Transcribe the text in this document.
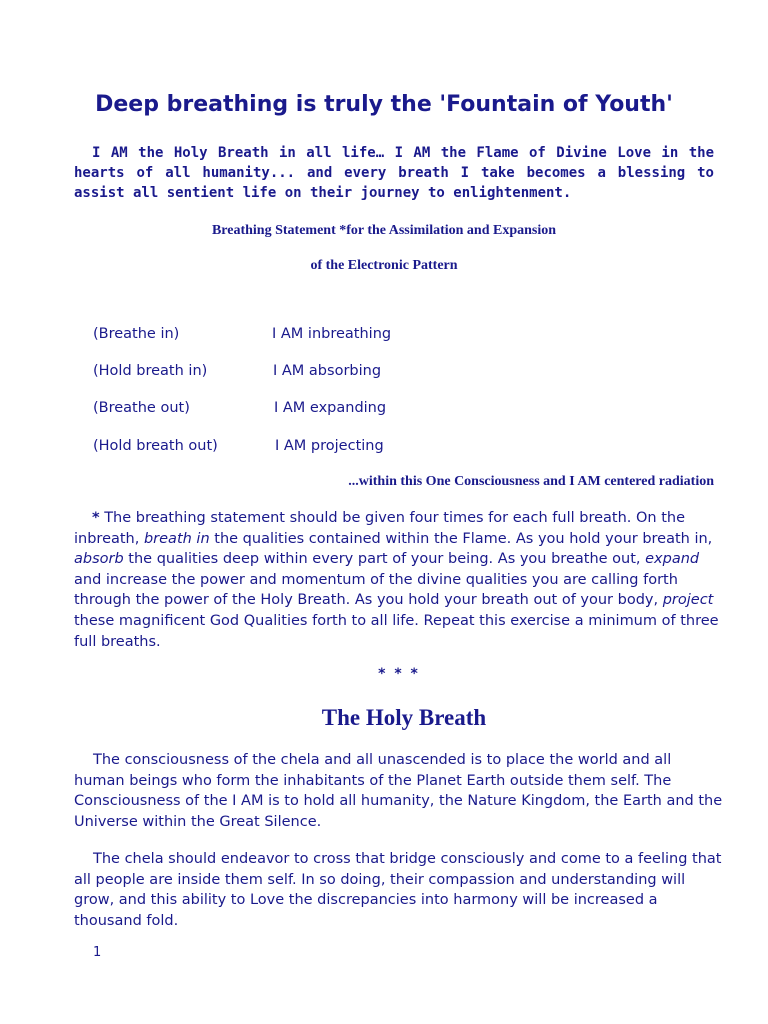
Deep breathing is truly the 'Fountain of Youth'

I AM the Holy Breath in all life… I AM the Flame of Divine Love in the hearts of all humanity... and every breath I take becomes a blessing to assist all sentient life on their journey to enlightenment.

Breathing Statement *for the Assimilation and Expansion
of the Electronic Pattern
(Breathe in)	I AM inbreathing
(Hold breath in)	I AM absorbing
(Breathe out)	I AM expanding
(Hold breath out)	I AM projecting
...within this One Consciousness and I AM centered radiation

* The breathing statement should be given four times for each full breath. On the inbreath, breath in the qualities contained within the Flame. As you hold your breath in, absorb the qualities deep within every part of your being. As you breathe out, expand and increase the power and momentum of the divine qualities you are calling forth through the power of the Holy Breath. As you hold your breath out of your body, project these magnificent God Qualities forth to all life. Repeat this exercise a minimum of three full breaths.

* * *
The Holy Breath

The consciousness of the chela and all unascended is to place the world and all human beings who form the inhabitants of the Planet Earth outside them self. The Consciousness of the I AM is to hold all humanity, the Nature Kingdom, the Earth and the Universe within the Great Silence.

The chela should endeavor to cross that bridge consciously and come to a feeling that all people are inside them self. In so doing, their compassion and understanding will grow, and this ability to Love the discrepancies into harmony will be increased a thousand fold.

1
